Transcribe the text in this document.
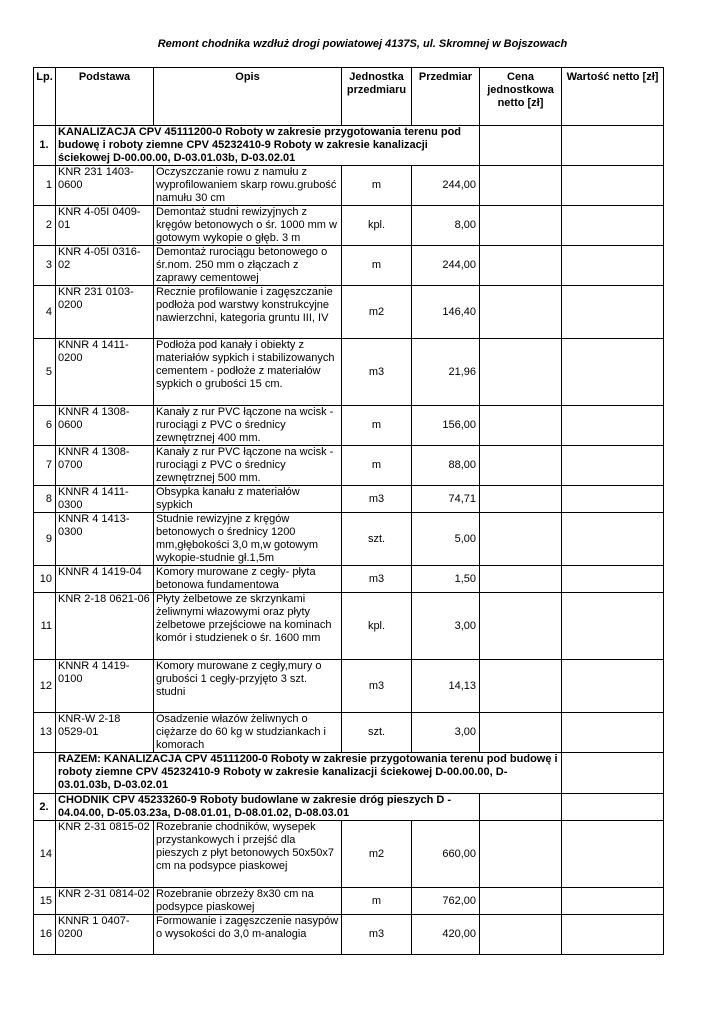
Remont chodnika wzdłuż drogi powiatowej 4137S, ul. Skromnej w Bojszowach
Lp.	Podstawa	Opis	Jednostka przedmiaru	Przedmiar	Cena jednostkowa netto [zł]	Wartość netto [zł]
1.	KANALIZACJA CPV 45111200-0 Roboty w zakresie przygotowania terenu pod budowę i roboty ziemne CPV 45232410-9 Roboty w zakresie kanalizacji ściekowej D-00.00.00, D-03.01.03b, D-03.02.01					
1	KNR 231 1403-0600	Oczyszczanie rowu z namułu z wyprofilowaniem skarp rowu.grubość namułu 30 cm	m	244,00		
2	KNR 4-05I 0409-01	Demontaż studni rewizyjnych z kręgów betonowych o śr. 1000 mm w gotowym wykopie o głęb. 3 m	kpl.	8,00		
3	KNR 4-05I 0316-02	Demontaż rurociągu betonowego o śr.nom. 250 mm o złączach z zaprawy cementowej	m	244,00		
4	KNR 231 0103-0200	Recznie profilowanie i zagęszczanie podłoża pod warstwy konstrukcyjne nawierzchni, kategoria gruntu III, IV	m2	146,40		
5	KNNR 4 1411-0200	Podłoża pod kanały i obiekty z materiałów sypkich i stabilizowanych cementem - podłoże z materiałów sypkich o grubości 15 cm.	m3	21,96		
6	KNNR 4 1308-0600	Kanały z rur PVC łączone na wcisk - rurociągi z PVC o średnicy zewnętrznej 400 mm.	m	156,00		
7	KNNR 4 1308-0700	Kanały z rur PVC łączone na wcisk - rurociągi z PVC o średnicy zewnętrznej 500 mm.	m	88,00		
8	KNNR 4 1411-0300	Obsypka kanału z materiałów sypkich	m3	74,71		
9	KNNR 4 1413-0300	Studnie rewizyjne z kręgów betonowych o średnicy 1200 mm,głębokości 3,0 m,w gotowym wykopie-studnie gł.1,5m	szt.	5,00		
10	KNNR 4 1419-04	Komory murowane z cegły- płyta betonowa fundamentowa	m3	1,50		
11	KNR 2-18 0621-06	Płyty żelbetowe ze skrzynkami żeliwnymi włazowymi oraz płyty żelbetowe przejściowe na kominach komór i studzienek o śr. 1600 mm	kpl.	3,00		
12	KNNR 4 1419-0100	Komory murowane z cegły,mury o grubości 1 cegły-przyjęto 3 szt. studni	m3	14,13		
13	KNR-W 2-18 0529-01	Osadzenie włazów żeliwnych o ciężarze do 60 kg w studziankach i komorach	szt.	3,00		
	RAZEM: KANALIZACJA CPV 45111200-0 Roboty w zakresie przygotowania terenu pod budowę i roboty ziemne CPV 45232410-9 Roboty w zakresie kanalizacji ściekowej D-00.00.00, D-03.01.03b, D-03.02.01					
2.	CHODNIK CPV 45233260-9 Roboty budowlane w zakresie dróg pieszych D - 04.04.00, D-05.03.23a, D-08.01.01, D-08.01.02, D-08.03.01					
14	KNR 2-31 0815-02	Rozebranie chodników, wysepek przystankowych i przejść dla pieszych z płyt betonowych 50x50x7 cm na podsypce piaskowej	m2	660,00		
15	KNR 2-31 0814-02	Rozebranie obrzeży 8x30 cm na podsypce piaskowej	m	762,00		
16	KNNR 1 0407-0200	Formowanie i zagęszczenie nasypów o wysokości do 3,0 m-analogia	m3	420,00		
